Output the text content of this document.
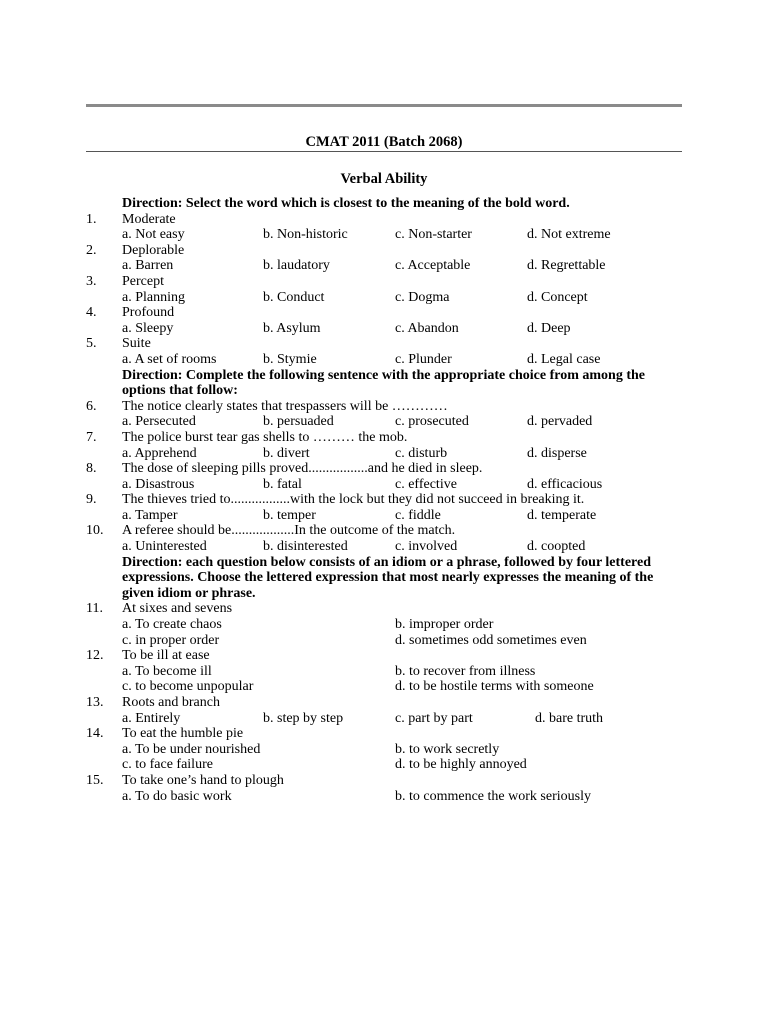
CMAT 2011 (Batch 2068)
Verbal Ability
Direction: Select the word which is closest to the meaning of the bold word.
1. Moderate
a. Not easy	b. Non-historic	c. Non-starter	d. Not extreme
2. Deplorable
a. Barren	b. laudatory	c. Acceptable	d. Regrettable
3. Percept
a. Planning	b. Conduct	c. Dogma	d. Concept
4. Profound
a. Sleepy	b. Asylum	c. Abandon	d. Deep
5. Suite
a. A set of rooms	b. Stymie	c. Plunder	d. Legal case
Direction: Complete the following sentence with the appropriate choice from among the options that follow:
6. The notice clearly states that trespassers will be …………
a. Persecuted	b. persuaded	c. prosecuted	d. pervaded
7. The police burst tear gas shells to ……… the mob.
a. Apprehend	b. divert	c. disturb	d. disperse
8. The dose of sleeping pills proved.................and he died in sleep.
a. Disastrous	b. fatal	c. effective	d. efficacious
9. The thieves tried to.................with the lock but they did not succeed in breaking it.
a. Tamper	b. temper	c. fiddle	d. temperate
10. A referee should be..................In the outcome of the match.
a. Uninterested	b. disinterested	c. involved	d. coopted
Direction: each question below consists of an idiom or a phrase, followed by four lettered expressions. Choose the lettered expression that most nearly expresses the meaning of the given idiom or phrase.
11. At sixes and sevens
a. To create chaos	b. improper order
c. in proper order	d. sometimes odd sometimes even
12. To be ill at ease
a. To become ill	b. to recover from illness
c. to become unpopular	d. to be hostile terms with someone
13. Roots and branch
a. Entirely	b. step by step	c. part by part	d. bare truth
14. To eat the humble pie
a. To be under nourished	b. to work secretly
c. to face failure	d. to be highly annoyed
15. To take one’s hand to plough
a. To do basic work	b. to commence the work seriously
